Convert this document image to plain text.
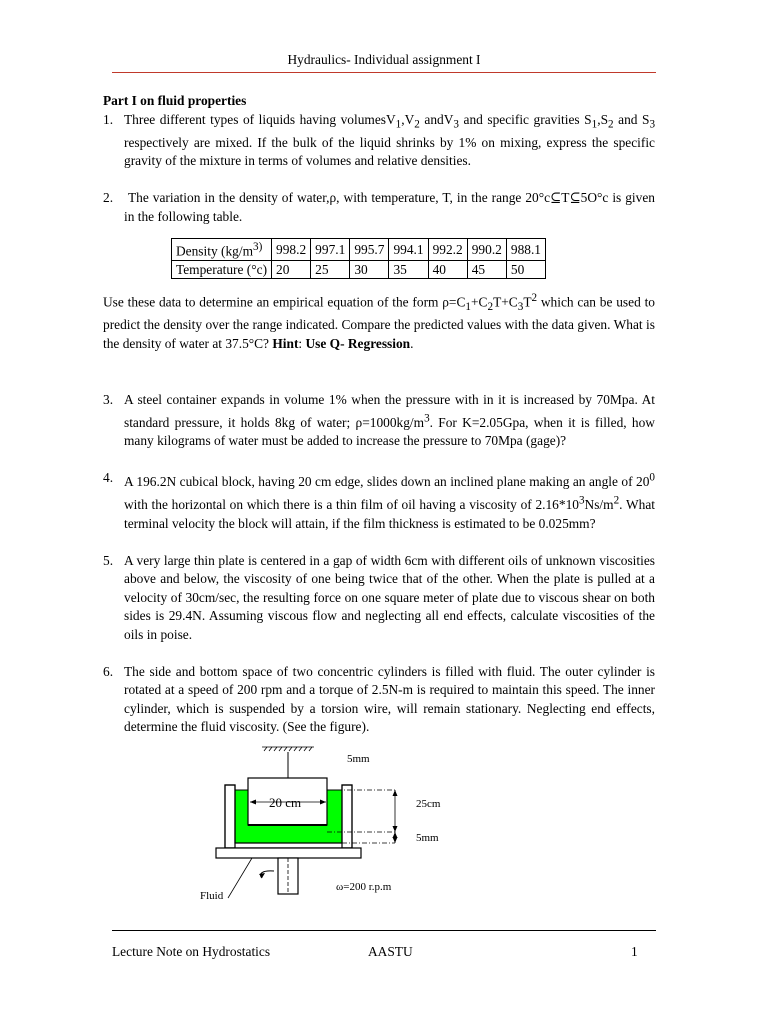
Hydraulics- Individual assignment I

Part I on fluid properties

1. Three different types of liquids having $volumesV_1,V_2$ andV$_3$ and specific gravities $S_1,S_2$ and $S_3$ respectively are mixed. If the bulk of the liquid shrinks by 1% on mixing, express the specific gravity of the mixture in terms of volumes and relative densities.
2. The variation in the density of water,ρ, with temperature, T, in the range 20°c⊆T⊆5O°c is given in the following table.
Density ($kg/m^{3)}$	998.2	997.1	995.7	994.1	992.2	990.2	988.1
Temperature (°c)	20	25	30	35	40	45	50
Use these data to determine an empirical equation of the form $\rho=C_1+C_2T+C_3T^2$ which can be used to predict the density over the range indicated. Compare the predicted values with the data given. What is the density of water at 37.5°C? Hint: Use Q- Regression.
3. A steel container expands in volume 1% when the pressure with in it is increased by 70Mpa. At standard pressure, it holds 8kg of water; $\rho=1000kg/m^3$. For K=2.05Gpa, when it is filled, how many kilograms of water must be added to increase the pressure to 70Mpa (gage)?
4. A 196.2N cubical block, having 20 cm edge, slides down an inclined plane making an angle of $20^0$ with the horizontal on which there is a thin film of oil having a viscosity of $2.16*10^3Ns/m^2$. What terminal velocity the block will attain, if the film thickness is estimated to be 0.025mm?
5. A very large thin plate is centered in a gap of width 6cm with different oils of unknown viscosities above and below, the viscosity of one being twice that of the other. When the plate is pulled at a velocity of 30cm/sec, the resulting force on one square meter of plate due to viscous shear on both sides is 29.4N. Assuming viscous flow and neglecting all end effects, calculate viscosities of the oils in poise.
6. The side and bottom space of two concentric cylinders is filled with fluid. The outer cylinder is rotated at a speed of 200 rpm and a torque of 2.5N-m is required to maintain this speed. The inner cylinder, which is suspended by a torsion wire, will remain stationary. Neglecting end effects, determine the fluid viscosity. (See the figure).
20 cm
5mm
25cm
5mm
Fluid
ω=200 r.p.m
Lecture Note on Hydrostatics	AASTU	1
